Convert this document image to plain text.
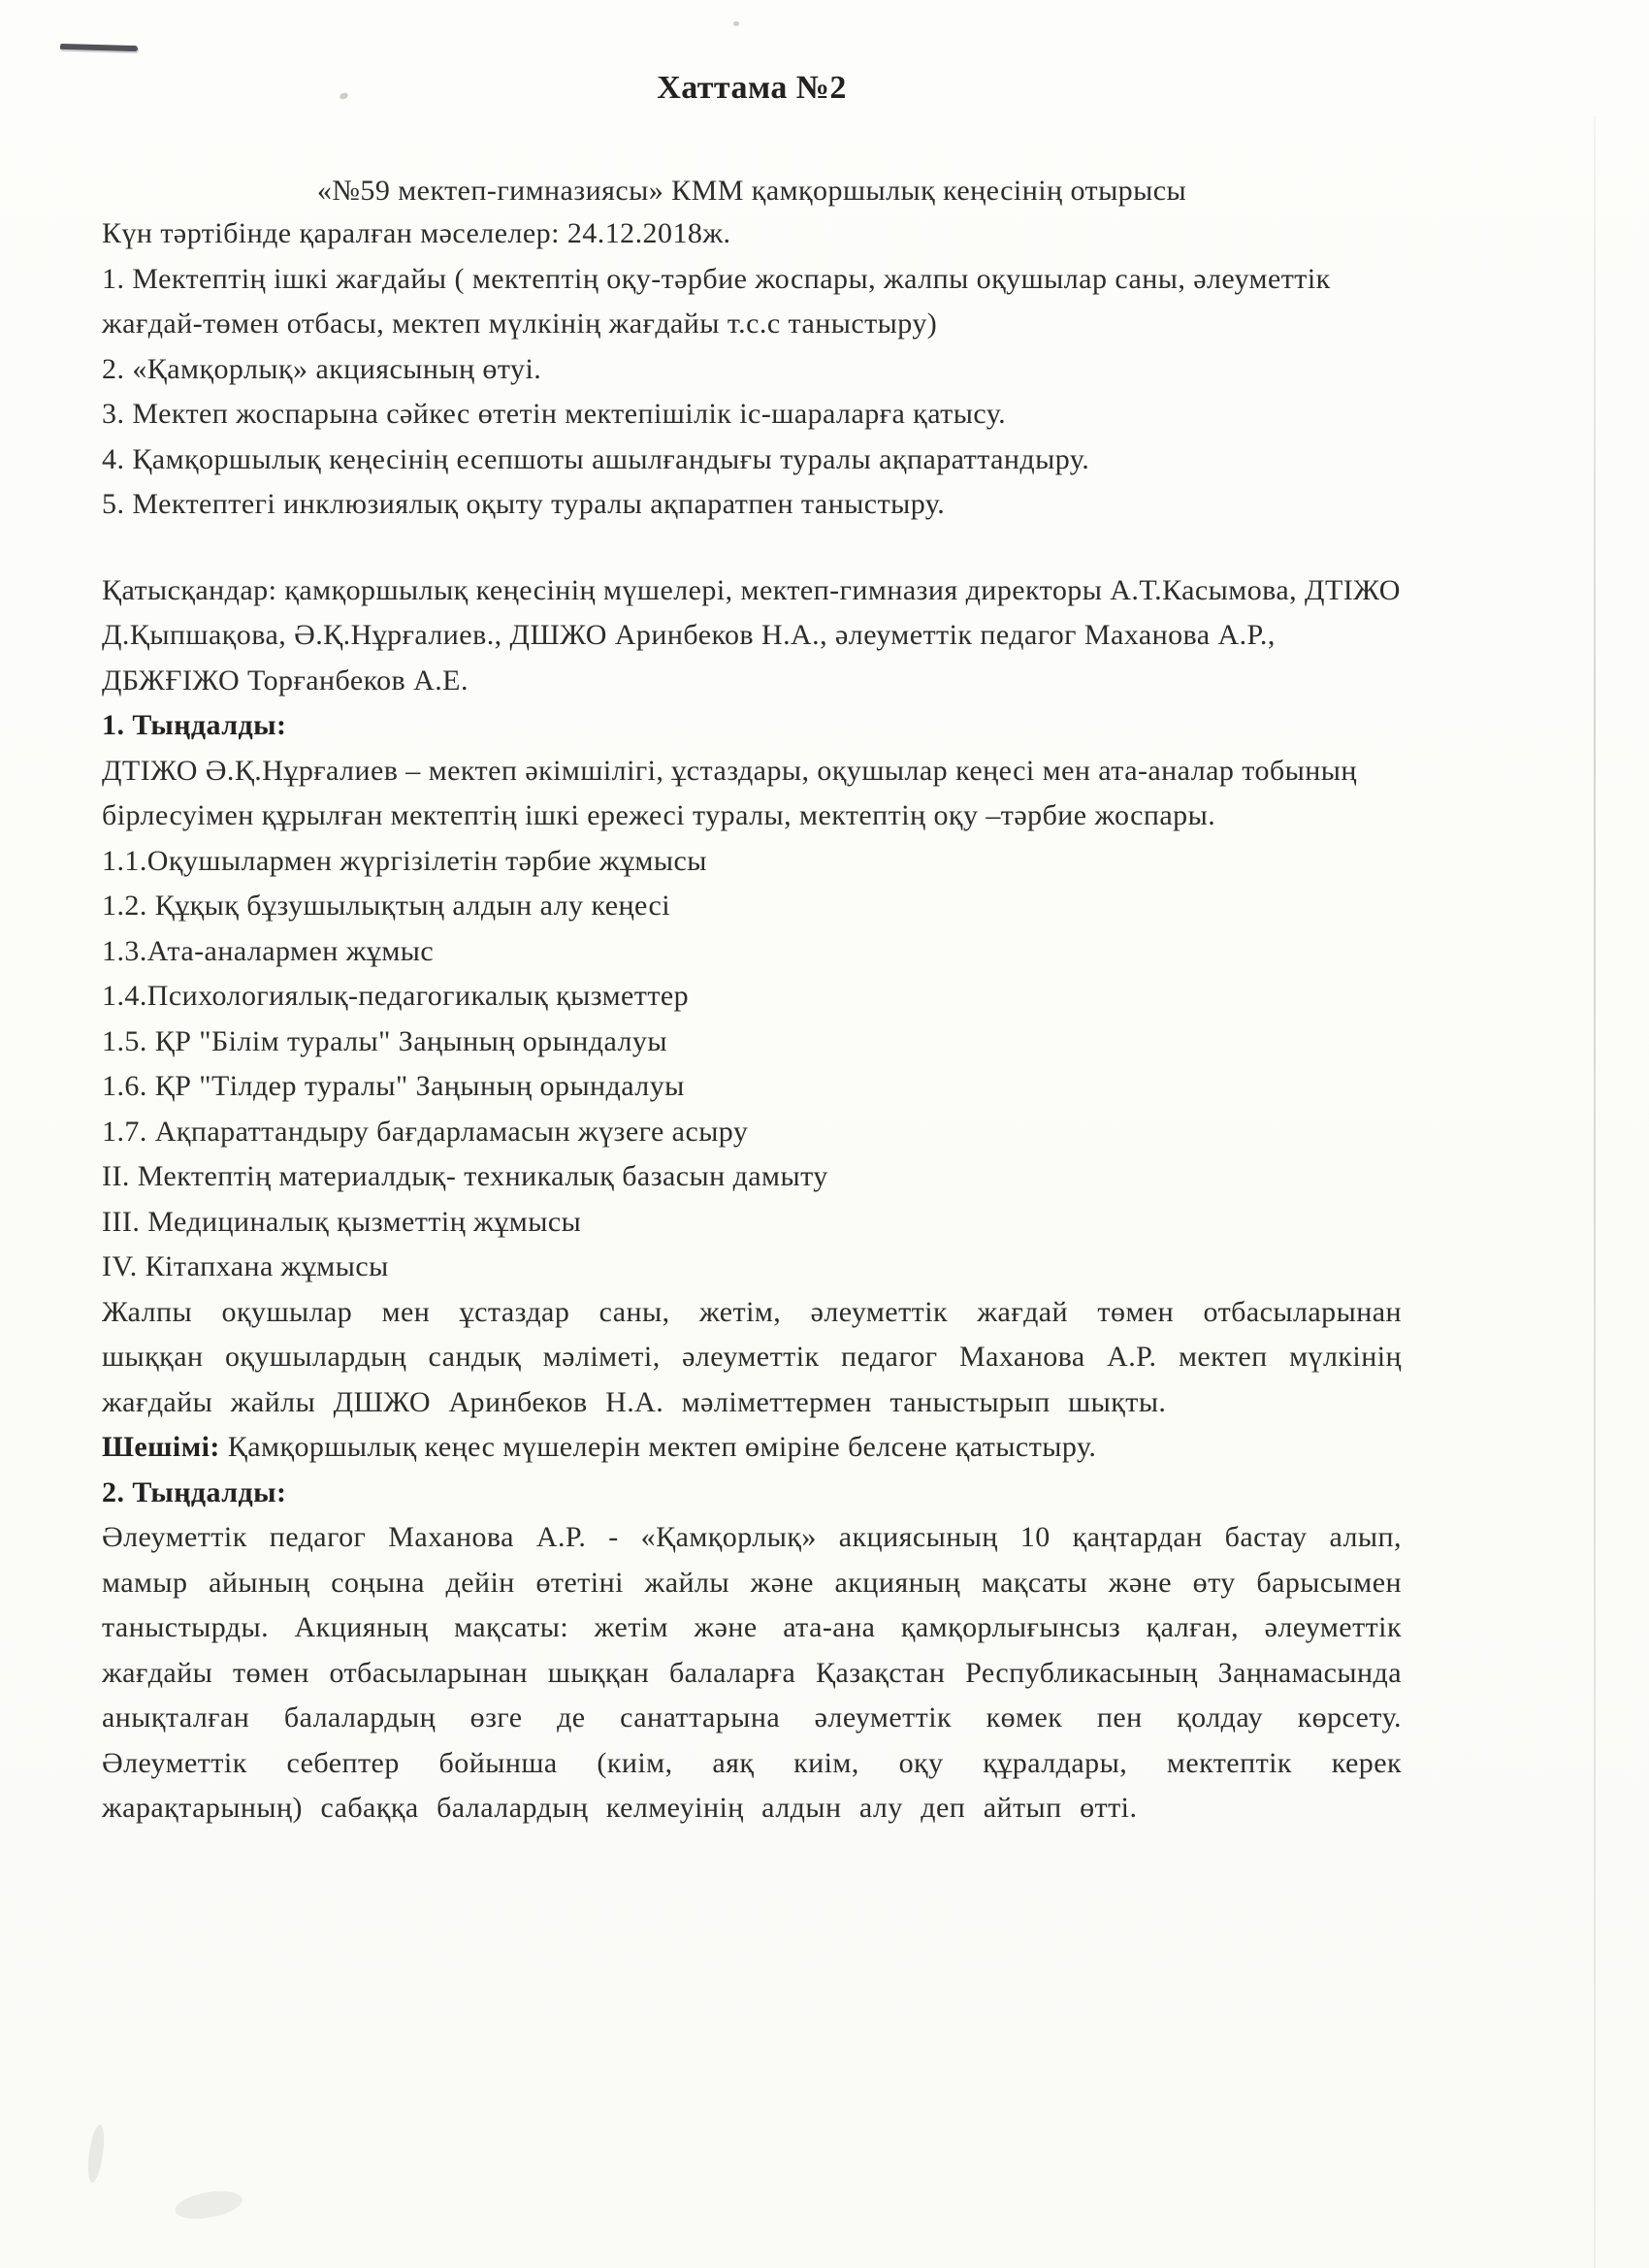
Хаттама №2
«№59 мектеп-гимназиясы» КММ қамқоршылық кеңесінің отырысы

Күн тәртібінде қаралған мәселелер: 24.12.2018ж.

1. Мектептің ішкі жағдайы ( мектептің оқу-тәрбие жоспары, жалпы оқушылар саны, әлеуметтік жағдай-төмен отбасы, мектеп мүлкінің жағдайы т.с.с таныстыру)

2. «Қамқорлық» акциясының өтуі.

3. Мектеп жоспарына сәйкес өтетін мектепішілік іс-шараларға қатысу.

4. Қамқоршылық кеңесінің есепшоты ашылғандығы туралы ақпараттандыру.

5. Мектептегі инклюзиялық оқыту туралы ақпаратпен таныстыру.

Қатысқандар: қамқоршылық кеңесінің мүшелері, мектеп-гимназия директоры А.Т.Касымова, ДТІЖО Д.Қыпшақова, Ә.Қ.Нұрғалиев., ДШЖО Аринбеков Н.А., әлеуметтік педагог Маханова А.Р., ДБЖҒІЖО Торғанбеков А.Е.

1. Тыңдалды:

ДТІЖО Ә.Қ.Нұрғалиев – мектеп әкімшілігі, ұстаздары, оқушылар кеңесі мен ата-аналар тобының бірлесуімен құрылған мектептің ішкі ережесі туралы, мектептің оқу –тәрбие жоспары.

1.1.Оқушылармен жүргізілетін тәрбие жұмысы

1.2. Құқық бұзушылықтың алдын алу кеңесі

1.3.Ата-аналармен жұмыс

1.4.Психологиялық-педагогикалық қызметтер

1.5. ҚР "Білім туралы" Заңының орындалуы

1.6. ҚР "Тілдер туралы" Заңының орындалуы

1.7. Ақпараттандыру бағдарламасын жүзеге асыру

II. Мектептің материалдық- техникалық базасын дамыту

III. Медициналық қызметтің жұмысы

IV. Кітапхана жұмысы

Жалпы оқушылар мен ұстаздар саны, жетім, әлеуметтік жағдай төмен отбасыларынан шыққан оқушылардың сандық мәліметі, әлеуметтік педагог Маханова А.Р. мектеп мүлкінің жағдайы жайлы ДШЖО Аринбеков Н.А. мәліметтермен таныстырып шықты.

Шешімі: Қамқоршылық кеңес мүшелерін мектеп өміріне белсене қатыстыру.

2. Тыңдалды:

Әлеуметтік педагог Маханова А.Р. - «Қамқорлық» акциясының 10 қаңтардан бастау алып, мамыр айының соңына дейін өтетіні жайлы және акцияның мақсаты және өту барысымен таныстырды. Акцияның мақсаты: жетім және ата-ана қамқорлығынсыз қалған, әлеуметтік жағдайы төмен отбасыларынан шыққан балаларға Қазақстан Республикасының Заңнамасында анықталған балалардың өзге де санаттарына әлеуметтік көмек пен қолдау көрсету. Әлеуметтік себептер бойынша (киім, аяқ киім, оқу құралдары, мектептік керек жарақтарының) сабаққа балалардың келмеуінің алдын алу деп айтып өтті.
